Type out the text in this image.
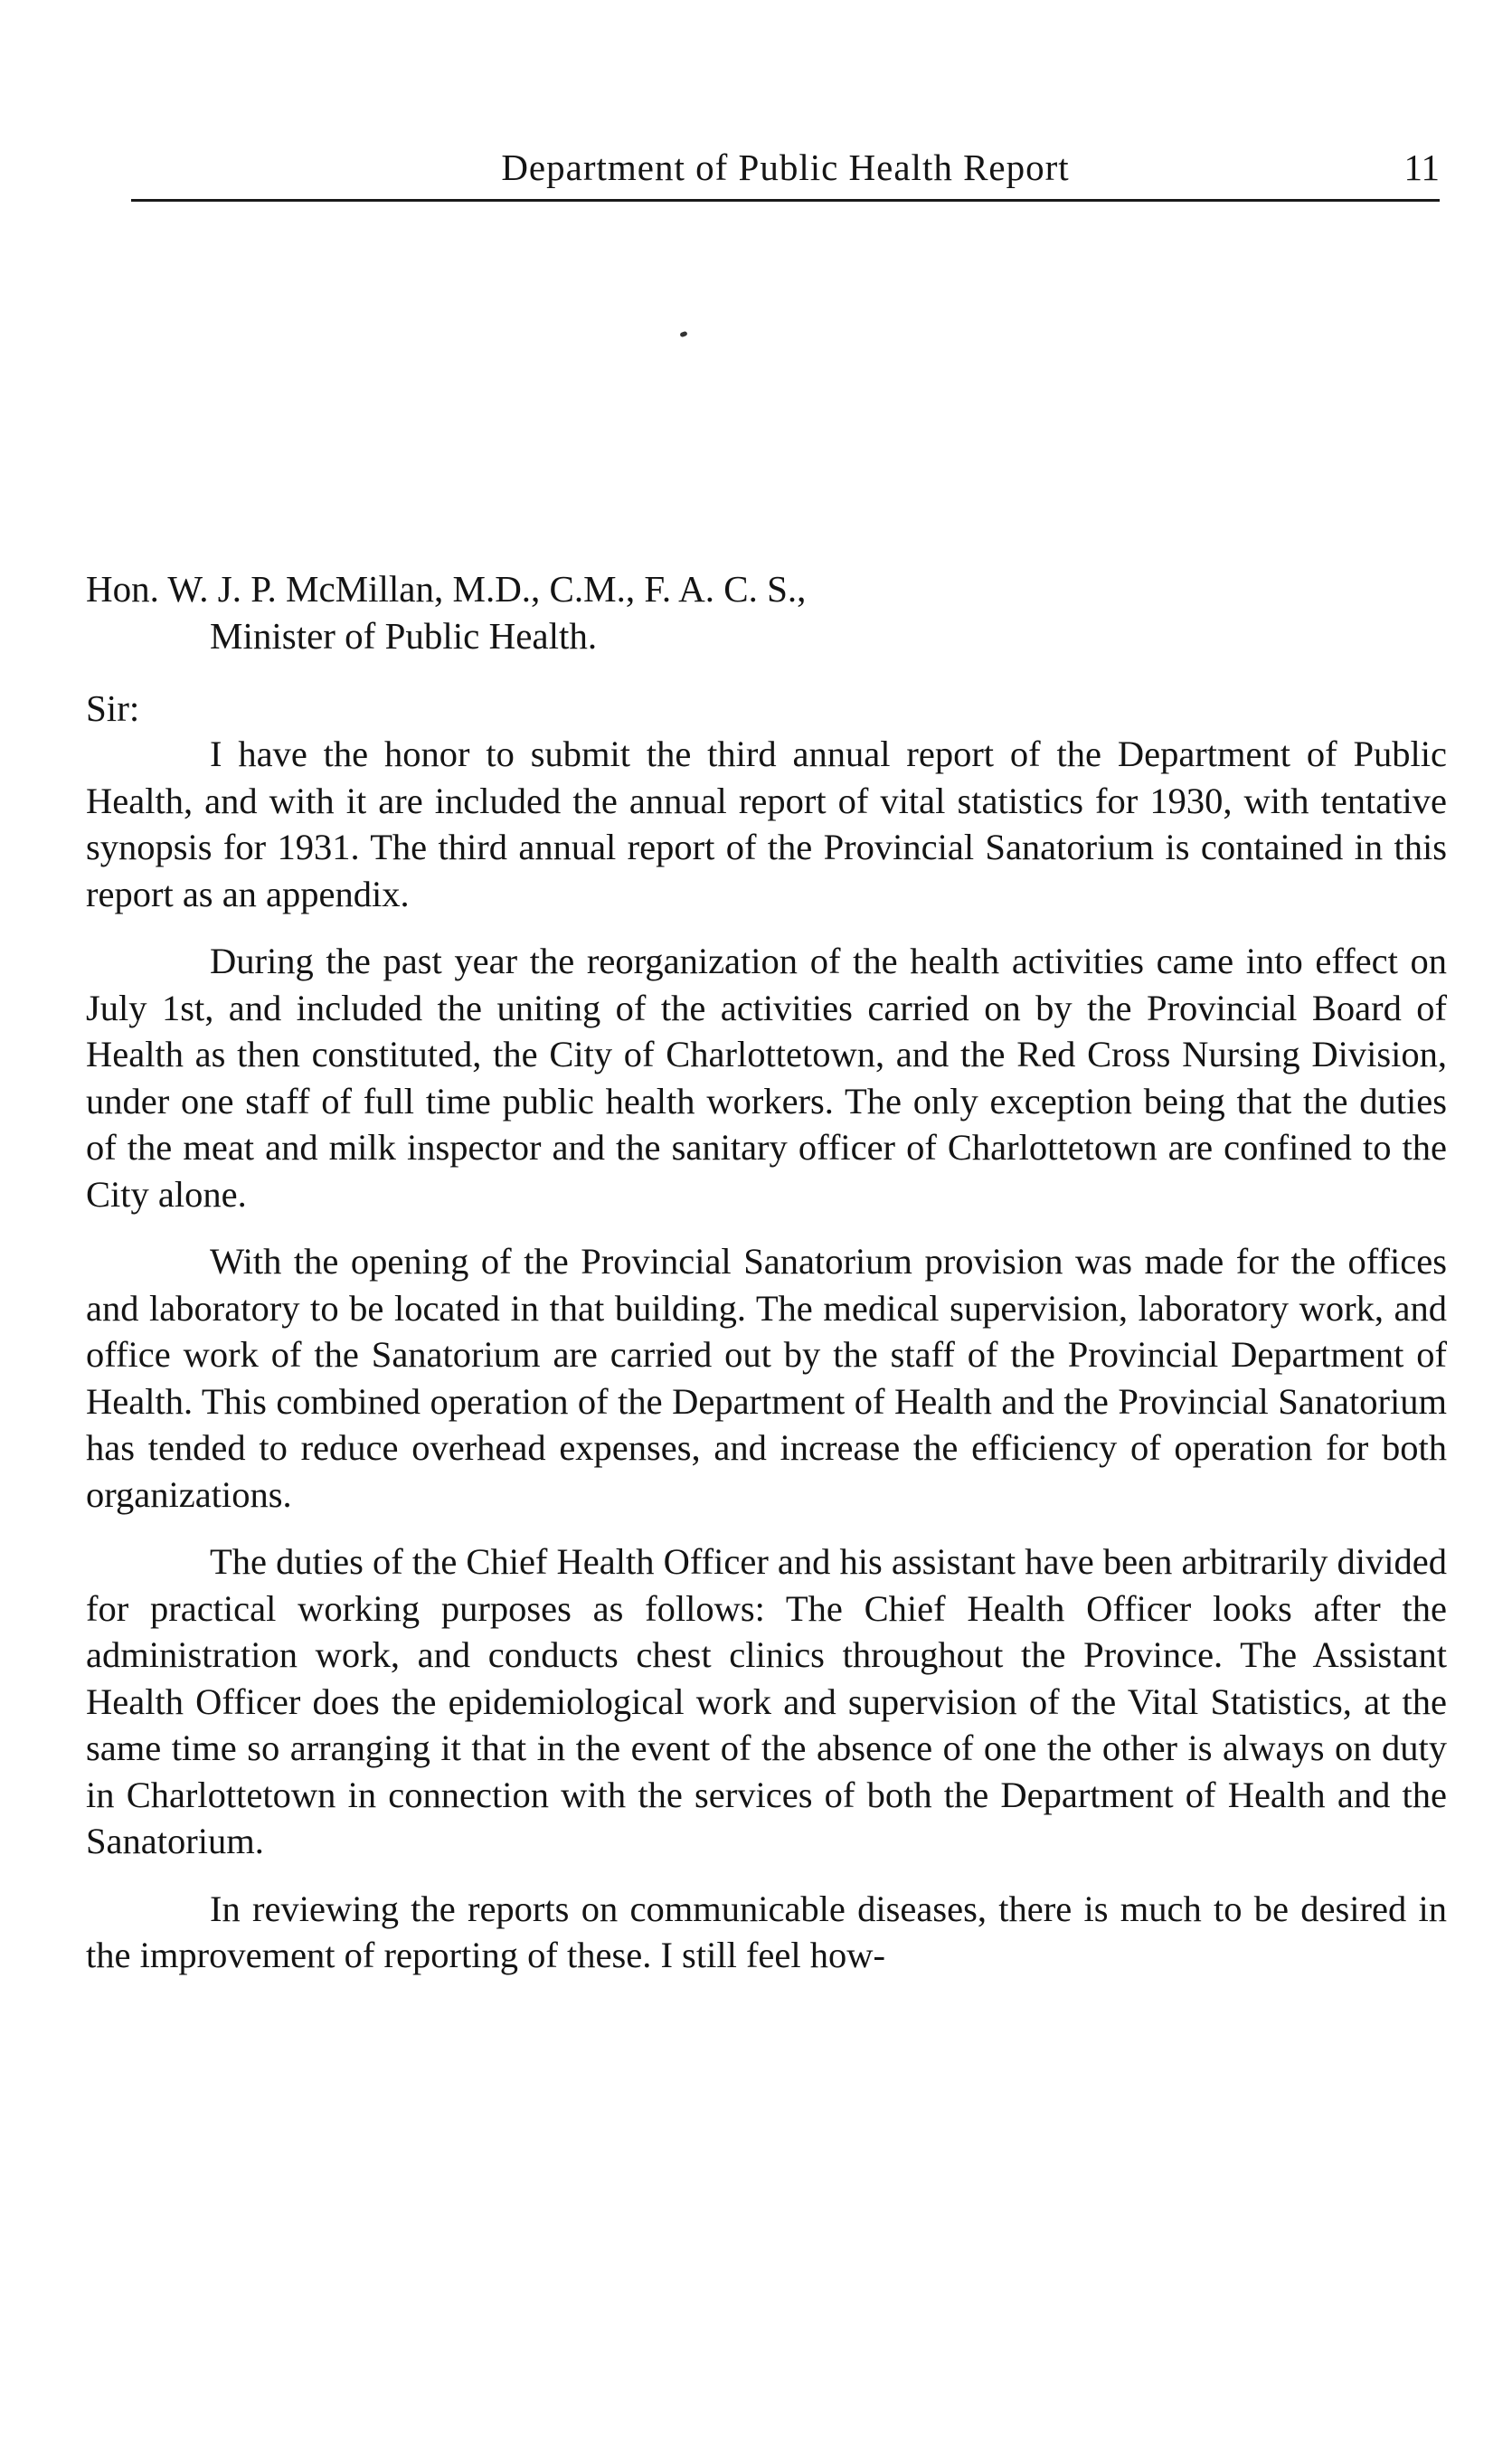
Department of Public Health Report	11
Hon. W. J. P. McMillan, M.D., C.M., F. A. C. S.,
Minister of Public Health.
Sir:

I have the honor to submit the third annual report of the Department of Public Health, and with it are included the annual report of vital statistics for 1930, with tentative synopsis for 1931. The third annual report of the Provincial Sanatorium is contained in this report as an appendix.

During the past year the reorganization of the health activities came into effect on July 1st, and included the uniting of the activities carried on by the Provincial Board of Health as then constituted, the City of Charlottetown, and the Red Cross Nursing Division, under one staff of full time public health workers. The only exception being that the duties of the meat and milk inspector and the sanitary officer of Charlottetown are confined to the City alone.

With the opening of the Provincial Sanatorium provision was made for the offices and laboratory to be located in that building. The medical supervision, laboratory work, and office work of the Sanatorium are carried out by the staff of the Provincial Department of Health. This combined operation of the Department of Health and the Provincial Sanatorium has tended to reduce overhead expenses, and increase the efficiency of operation for both organizations.

The duties of the Chief Health Officer and his assistant have been arbitrarily divided for practical working purposes as follows: The Chief Health Officer looks after the administration work, and conducts chest clinics throughout the Province. The Assistant Health Officer does the epidemiological work and supervision of the Vital Statistics, at the same time so arranging it that in the event of the absence of one the other is always on duty in Charlottetown in connection with the services of both the Department of Health and the Sanatorium.

In reviewing the reports on communicable diseases, there is much to be desired in the improvement of reporting of these. I still feel how-
